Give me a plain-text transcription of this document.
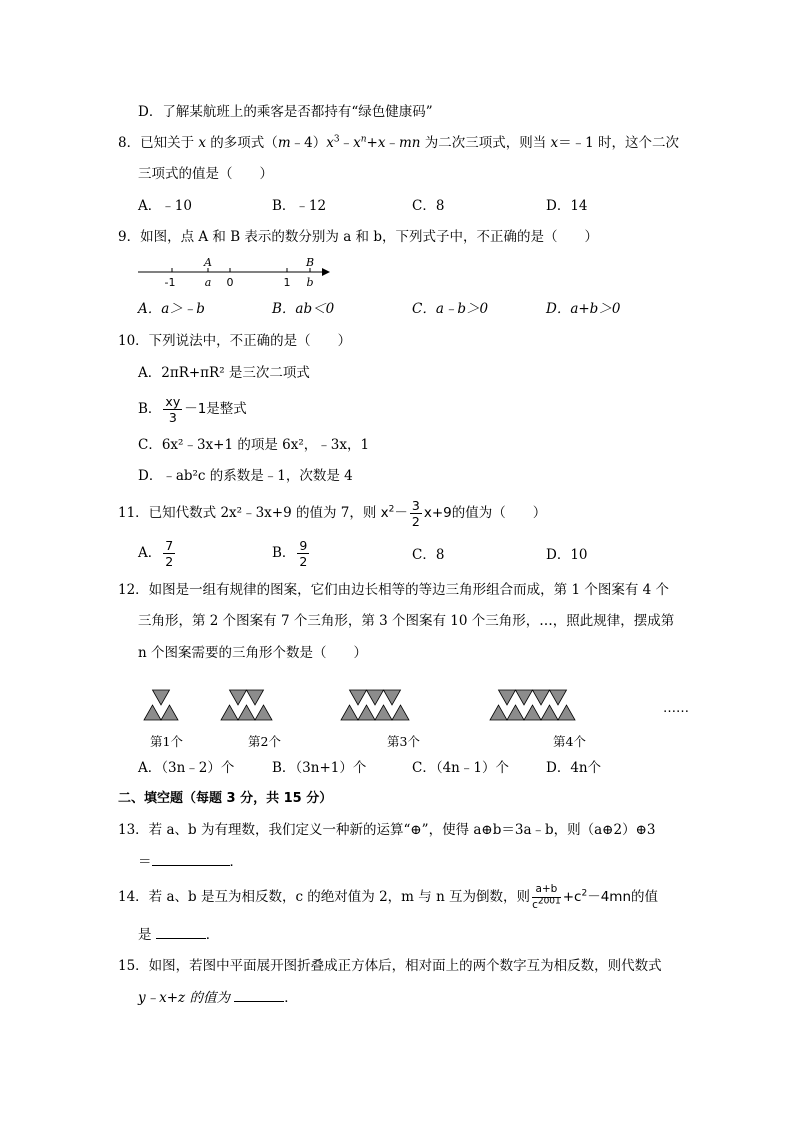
D．了解某航班上的乘客是否都持有“绿色健康码”
8．已知关于 x 的多项式$(m﹣4)x^3﹣x^n+x﹣mn$ 为二次三项式，则当 x＝﹣1 时，这个二次
三项式的值是（　　）
A．﹣10	B．﹣12	C．8	D．14
9．如图，点 A 和 B 表示的数分别为 a 和 b，下列式子中，不正确的是（　　）
A	B
-1	a 0	1 b
A．a＞﹣b	B．ab＜0	C．a﹣b＞0	D．a+b＞0
10．下列说法中，不正确的是（　　）
A．2πR+πR² 是三次二项式
B． $\frac{xy}{3} -1$是整式
C．6x²﹣3x+1 的项是 6x²，﹣3x，1
D．﹣ab²c 的系数是﹣1，次数是 4
11．已知代数式 2x²﹣3x+9 的值为 7，则 $x^2- \frac{3}{2} x+9$的值为（　　）
A． $\frac{7}{2}$	B． $\frac{9}{2}$	C．8	D．10
12．如图是一组有规律的图案，它们由边长相等的等边三角形组合而成，第 1 个图案有 4 个
三角形，第 2 个图案有 7 个三角形，第 3 个图案有 10 个三角形，…，照此规律，摆成第
n 个图案需要的三角形个数是（　　）
……
第1个	第2个	第3个	第4个
A．（3n﹣2）个	B．（3n+1）个	C．（4n﹣1）个	D．4n个
二、填空题（每题 3 分，共 15 分）
13．若 a、b 为有理数，我们定义一种新的运算“⊕”，使得 a⊕b＝3a﹣b，则（a⊕2）⊕3
＝	．
14．若 a、b 是互为相反数，c 的绝对值为 2，m 与 n 互为倒数，则 $\frac{a+b}{c^{2001}} +c^2-4mn$的值
是	．
15．如图，若图中平面展开图折叠成正方体后，相对面上的两个数字互为相反数，则代数式
y﹣x+z 的值为	．
